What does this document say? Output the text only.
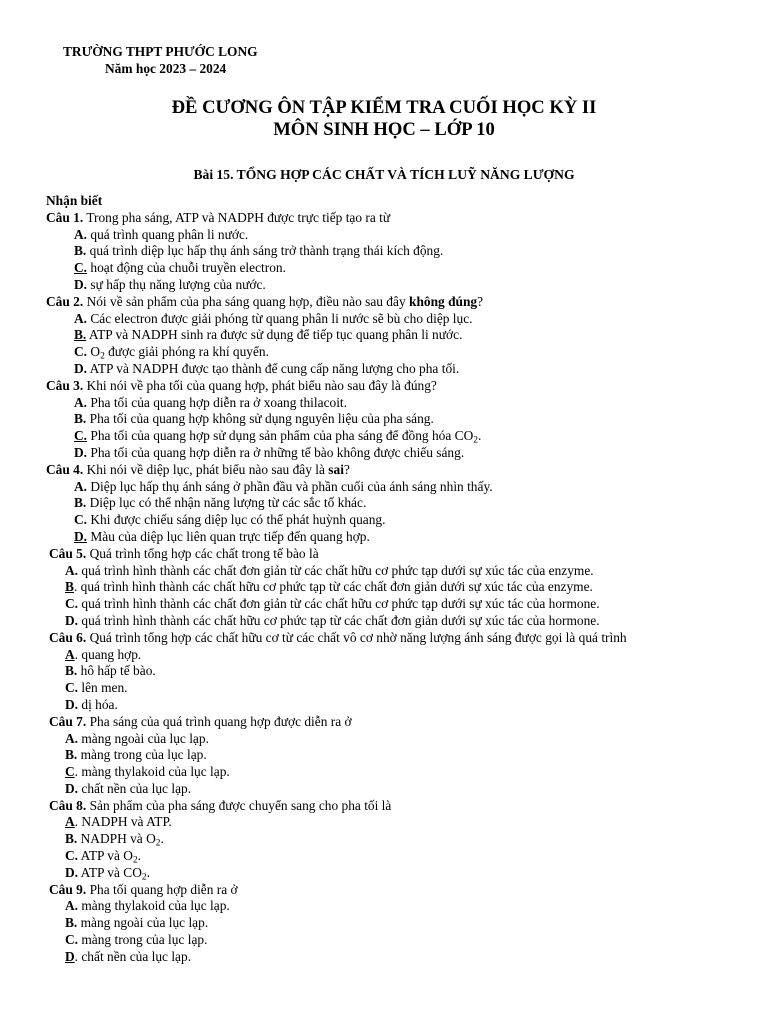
TRƯỜNG THPT PHƯỚC LONG
Năm học 2023 – 2024
ĐỀ CƯƠNG ÔN TẬP KIỂM TRA CUỐI HỌC KỲ II
MÔN SINH HỌC – LỚP 10
Bài 15. TỔNG HỢP CÁC CHẤT VÀ TÍCH LUỸ NĂNG LƯỢNG
Nhận biết
Câu 1. Trong pha sáng, ATP và NADPH được trực tiếp tạo ra từ
A. quá trình quang phân li nước.
B. quá trình diệp lục hấp thụ ánh sáng trở thành trạng thái kích động.
C. hoạt động của chuỗi truyền electron.
D. sự hấp thụ năng lượng của nước.
Câu 2. Nói về sản phẩm của pha sáng quang hợp, điều nào sau đây không đúng?
A. Các electron được giải phóng từ quang phân li nước sẽ bù cho diệp lục.
B. ATP và NADPH sinh ra được sử dụng để tiếp tục quang phân li nước.
C. $O_2$ được giải phóng ra khí quyển.
D. ATP và NADPH được tạo thành để cung cấp năng lượng cho pha tối.
Câu 3. Khi nói về pha tối của quang hợp, phát biểu nào sau đây là đúng?
A. Pha tối của quang hợp diễn ra ở xoang thilacoit.
B. Pha tối của quang hợp không sử dụng nguyên liệu của pha sáng.
C. Pha tối của quang hợp sử dụng sản phẩm của pha sáng để đồng hóa $CO_2$.
D. Pha tối của quang hợp diễn ra ở những tế bào không được chiếu sáng.
Câu 4. Khi nói về diệp lục, phát biểu nào sau đây là sai?
A. Diệp lục hấp thụ ánh sáng ở phần đầu và phần cuối của ánh sáng nhìn thấy.
B. Diệp lục có thể nhận năng lượng từ các sắc tố khác.
C. Khi được chiếu sáng diệp lục có thể phát huỳnh quang.
D. Màu của diệp lục liên quan trực tiếp đến quang hợp.
Câu 5. Quá trình tổng hợp các chất trong tế bào là
A. quá trình hình thành các chất đơn giản từ các chất hữu cơ phức tạp dưới sự xúc tác của enzyme.
B. quá trình hình thành các chất hữu cơ phức tạp từ các chất đơn giản dưới sự xúc tác của enzyme.
C. quá trình hình thành các chất đơn giản từ các chất hữu cơ phức tạp dưới sự xúc tác của hormone.
D. quá trình hình thành các chất hữu cơ phức tạp từ các chất đơn giản dưới sự xúc tác của hormone.
Câu 6. Quá trình tổng hợp các chất hữu cơ từ các chất vô cơ nhờ năng lượng ánh sáng được gọi là quá trình
A. quang hợp.
B. hô hấp tế bào.
C. lên men.
D. dị hóa.
Câu 7. Pha sáng của quá trình quang hợp được diễn ra ở
A. màng ngoài của lục lạp.
B. màng trong của lục lạp.
C. màng thylakoid của lục lạp.
D. chất nền của lục lạp.
Câu 8. Sản phẩm của pha sáng được chuyển sang cho pha tối là
A. NADPH và ATP.
B. NADPH và $O_2$.
C. ATP và $O_2$.
D. ATP và $CO_2$.
Câu 9. Pha tối quang hợp diễn ra ở
A. màng thylakoid của lục lạp.
B. màng ngoài của lục lạp.
C. màng trong của lục lạp.
D. chất nền của lục lạp.
